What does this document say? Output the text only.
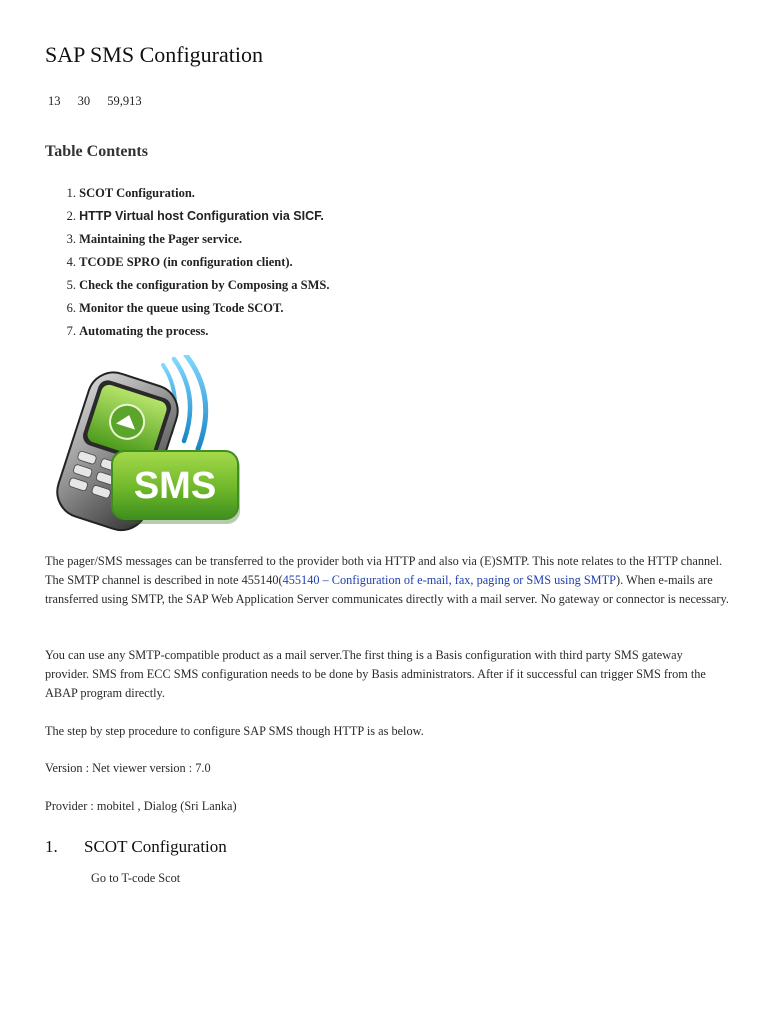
SAP SMS Configuration
13 30 59,913
Table Contents
1. SCOT Configuration.
2. HTTP Virtual host Configuration via SICF.
3. Maintaining the Pager service.
4. TCODE SPRO (in configuration client).
5. Check the configuration by Composing a SMS.
6. Monitor the queue using Tcode SCOT.
7. Automating the process.
SMS

The pager/SMS messages can be transferred to the provider both via HTTP and also via (E)SMTP. This note relates to the HTTP channel. The SMTP channel is described in note 455140(455140 – Configuration of e-mail, fax, paging or SMS using SMTP). When e-mails are transferred using SMTP, the SAP Web Application Server communicates directly with a mail server. No gateway or connector is necessary.

You can use any SMTP-compatible product as a mail server.The first thing is a Basis configuration with third party SMS gateway provider. SMS from ECC SMS configuration needs to be done by Basis administrators. After if it successful can trigger SMS from the ABAP program directly.

The step by step procedure to configure SAP SMS though HTTP is as below.

Version : Net viewer version : 7.0

Provider : mobitel , Dialog (Sri Lanka)

1. SCOT Configuration
Go to T-code Scot
